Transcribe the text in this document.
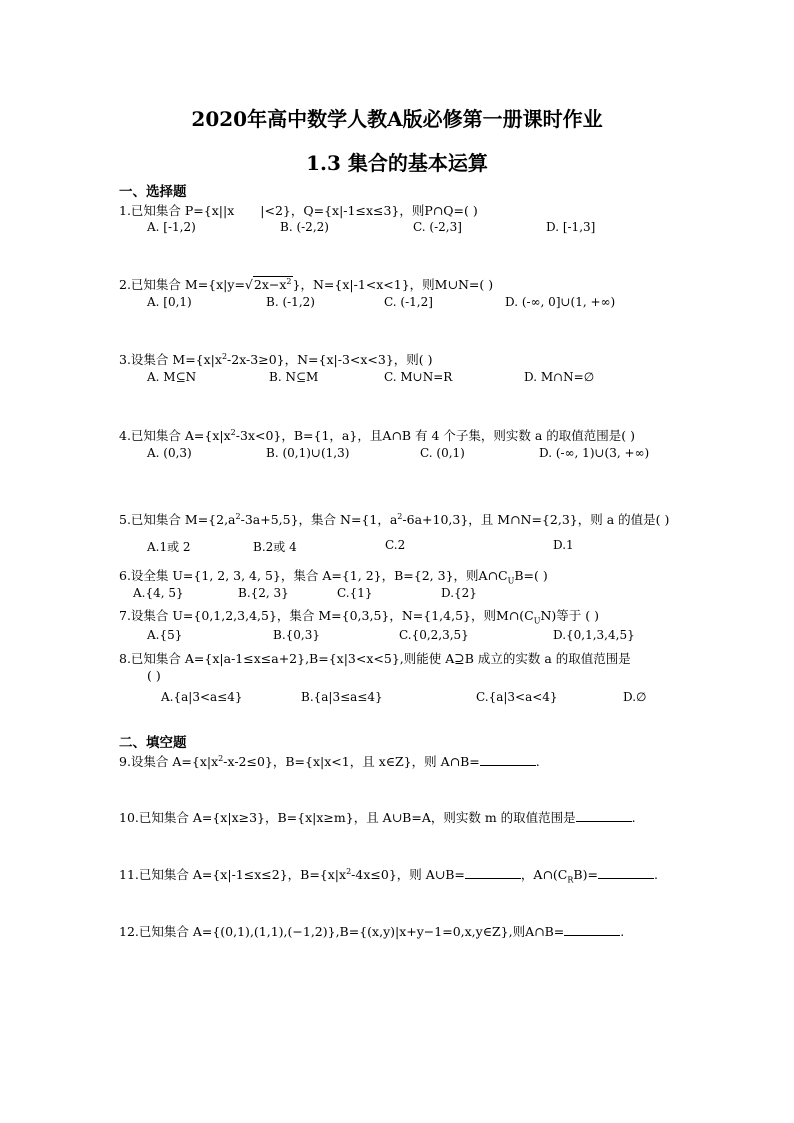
2020年高中数学人教A版必修第一册课时作业
1.3 集合的基本运算
一、选择题
1.已知集合 P={x||x |<2}，Q={x|-1≤x≤3}，则P∩Q=( )
A. [-1,2)	B. (-2,2)	C. (-2,3]	D. [-1,3]
2.已知集合 $M=\{x|y=√2x-x^2\}$，N={x|-1<x<1}，则M∪N=( )
A. [0,1)	B. (-1,2)	C. (-1,2]	D. (-∞, 0]∪(1, +∞)
3.设集合 $M=\{x|x^2-2x-3\ge 0\}$，N={x|-3<x<3}，则( )
A. M⊆N	B. N⊆M	C. M∪N=R	D. M∩N=∅
4.已知集合 $A=\{x|x^2-3x<0\}$，B={1，a}，且A∩B 有 4 个子集，则实数 a 的取值范围是( )
A. (0,3)	B. (0,1)∪(1,3)	C. (0,1)	D. (-∞, 1)∪(3, +∞)
5.已知集合 $M=\{2,a^2-3a+5,5\}$，集合 N={1，$a^2-6a+10,3$}，且 M∩N={2,3}，则 a 的值是( )
A.1或 2	B.2或 4	C.2	D.1
6.设全集 U={1, 2, 3, 4, 5}，集合 A={1, 2}，B={2, 3}，则$A\cap C_UB=$( )
A.{4, 5}	B.{2, 3}	C.{1}	D.{2}
7.设集合 U={0,1,2,3,4,5}，集合 M={0,3,5}，N={1,4,5}，则$M\cap(C_UN)$等于 ( )
A.{5}	B.{0,3}	C.{0,2,3,5}	D.{0,1,3,4,5}
8.已知集合 A={x|a-1≤x≤a+2},B={x|3<x<5},则能使 A⊇B 成立的实数 a 的取值范围是
( )
A.{a|3<a≤4}	B.{a|3≤a≤4}	C.{a|3<a<4}	D.∅
二、填空题
9.设集合 $A=\{x|x^2-x-2\le 0\}$，B={x|x<1，且 x∈Z}，则 A∩B=	.
10.已知集合 A={x|x≥3}，B={x|x≥m}，且 A∪B=A，则实数 m 的取值范围是	.
11.已知集合 A={x|-1≤x≤2}，$B=\{x|x^2-4x\le 0\}$，则 A∪B=	，$A\cap(C_RB)=$	.
12.已知集合 A={(0,1),(1,1),(−1,2)},B={(x,y)|x+y−1=0,x,y∈Z},则A∩B=	.
